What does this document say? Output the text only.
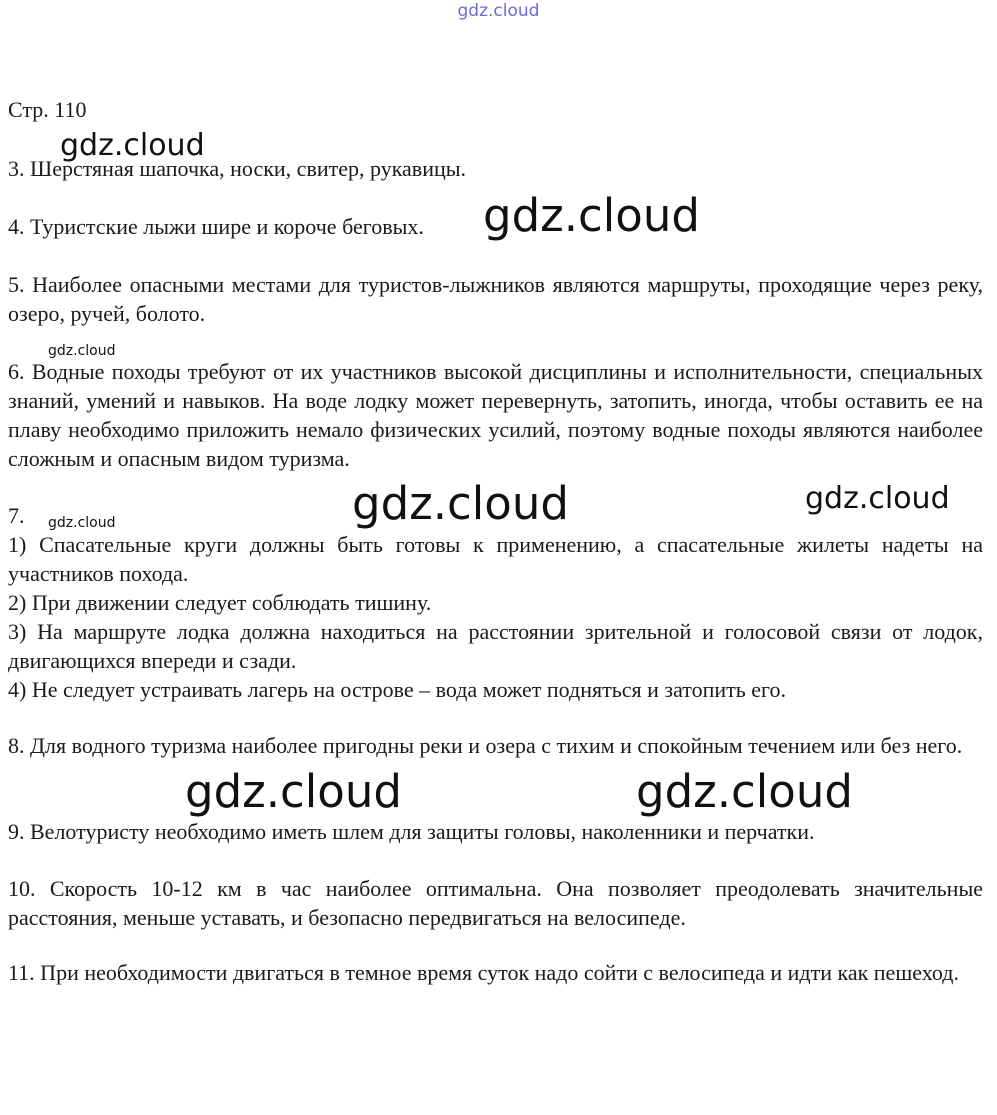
gdz.cloud
Стр. 110

3. Шерстяная шапочка, носки, свитер, рукавицы.

4. Туристские лыжи шире и короче беговых.

5. Наиболее опасными местами для туристов-лыжников являются маршруты, проходящие через реку, озеро, ручей, болото.

6. Водные походы требуют от их участников высокой дисциплины и исполнительности, специальных знаний, умений и навыков. На воде лодку может перевернуть, затопить, иногда, чтобы оставить ее на плаву необходимо приложить немало физических усилий, поэтому водные походы являются наиболее сложным и опасным видом туризма.

7.
1) Спасательные круги должны быть готовы к применению, а спасательные жилеты надеты на участников похода.
2) При движении следует соблюдать тишину.
3) На маршруте лодка должна находиться на расстоянии зрительной и голосовой связи от лодок, двигающихся впереди и сзади.
4) Не следует устраивать лагерь на острове – вода может подняться и затопить его.

8. Для водного туризма наиболее пригодны реки и озера с тихим и спокойным течением или без него.

9. Велотуристу необходимо иметь шлем для защиты головы, наколенники и перчатки.

10. Скорость 10-12 км в час наиболее оптимальна. Она позволяет преодолевать значительные расстояния, меньше уставать, и безопасно передвигаться на велосипеде.

11. При необходимости двигаться в темное время суток надо сойти с велосипеда и идти как пешеход.

gdz.cloud
gdz.cloud
gdz.cloud
gdz.cloud	gdz.cloud
gdz.cloud
gdz.cloud	gdz.cloud
